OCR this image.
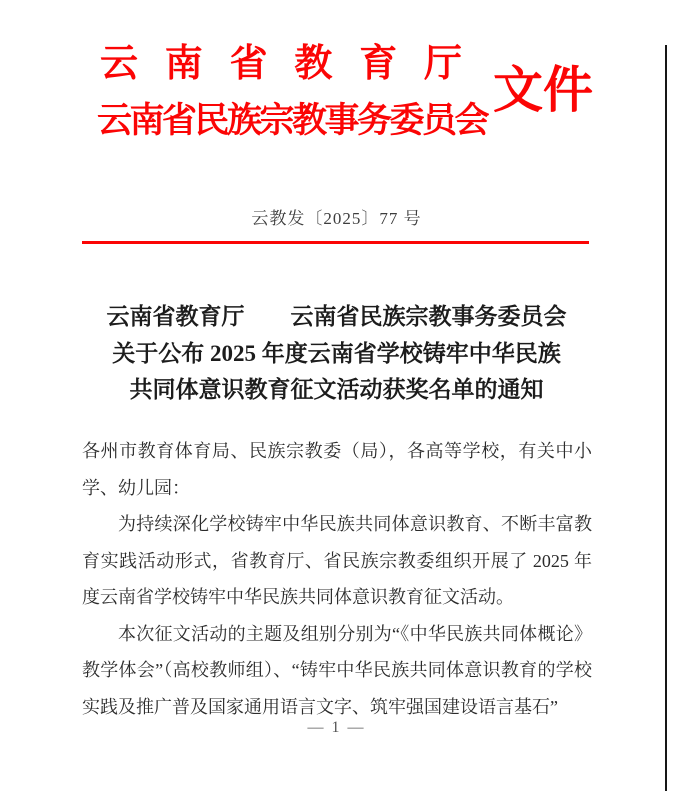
云南省教育厅
云南省民族宗教事务委员会
文件
云教发〔2025〕77 号
云南省教育厅　　云南省民族宗教事务委员会
关于公布 2025 年度云南省学校铸牢中华民族
共同体意识教育征文活动获奖名单的通知

各州市教育体育局、民族宗教委（局），各高等学校，有关中小学、幼儿园：

为持续深化学校铸牢中华民族共同体意识教育、不断丰富教育实践活动形式，省教育厅、省民族宗教委组织开展了 2025 年度云南省学校铸牢中华民族共同体意识教育征文活动。

本次征文活动的主题及组别分别为“《中华民族共同体概论》教学体会”（高校教师组）、“铸牢中华民族共同体意识教育的学校实践及推广普及国家通用语言文字、筑牢强国建设语言基石”

— 1 —
